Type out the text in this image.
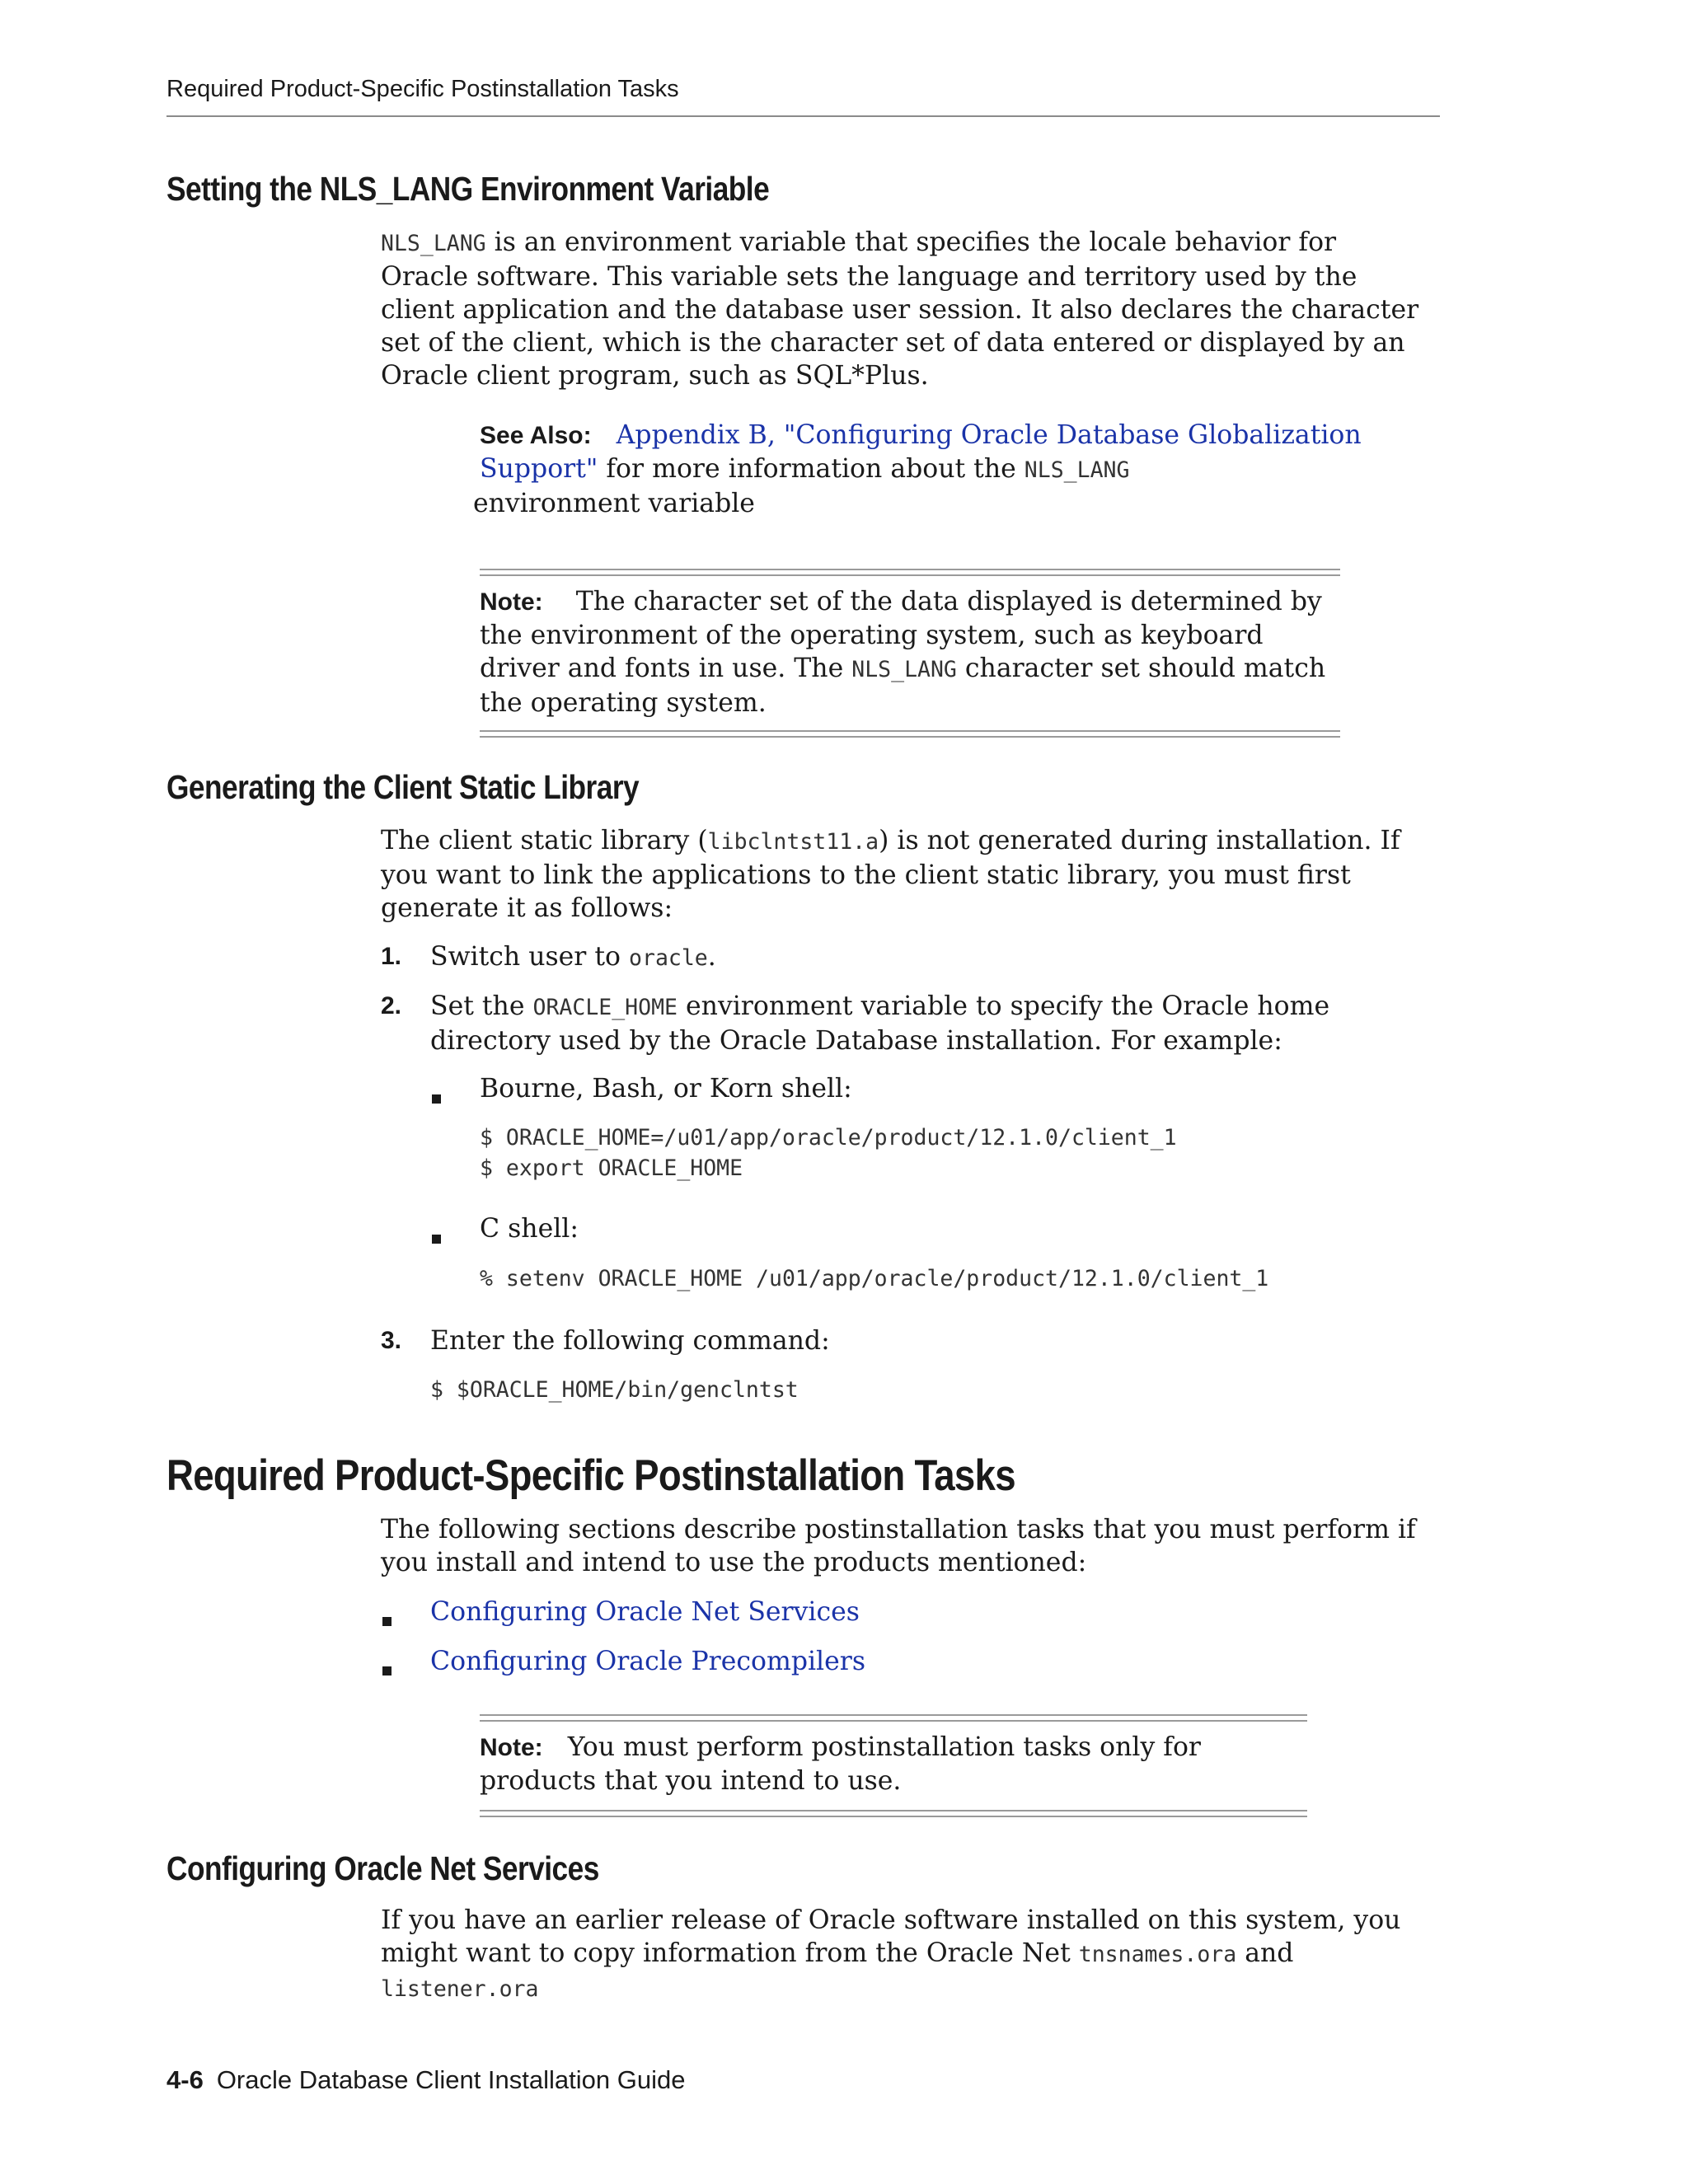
Required Product-Specific Postinstallation Tasks
Setting the NLS_LANG Environment Variable

NLS_LANG is an environment variable that specifies the locale behavior for Oracle software. This variable sets the language and territory used by the client application and the database user session. It also declares the character set of the client, which is the character set of data entered or displayed by an Oracle client program, such as SQL*Plus.

See Also: Appendix B, "Configuring Oracle Database Globalization Support" for more information about the NLS_LANG
environment variable
Note: The character set of the data displayed is determined by the environment of the operating system, such as keyboard driver and fonts in use. The NLS_LANG character set should match the operating system.
Generating the Client Static Library

The client static library (libclntst11.a) is not generated during installation. If you want to link the applications to the client static library, you must first generate it as follows:

1. Switch user to oracle.
2. Set the ORACLE_HOME environment variable to specify the Oracle home directory used by the Oracle Database installation. For example:
Bourne, Bash, or Korn shell:
$ ORACLE_HOME=/u01/app/oracle/product/12.1.0/client_1
$ export ORACLE_HOME
C shell:
% setenv ORACLE_HOME /u01/app/oracle/product/12.1.0/client_1
3. Enter the following command:
$ $ORACLE_HOME/bin/genclntst
Required Product-Specific Postinstallation Tasks

The following sections describe postinstallation tasks that you must perform if you install and intend to use the products mentioned:

Configuring Oracle Net Services
Configuring Oracle Precompilers
Note: You must perform postinstallation tasks only for products that you intend to use.
Configuring Oracle Net Services

If you have an earlier release of Oracle software installed on this system, you might want to copy information from the Oracle Net tnsnames.ora and listener.ora

4-6 Oracle Database Client Installation Guide
